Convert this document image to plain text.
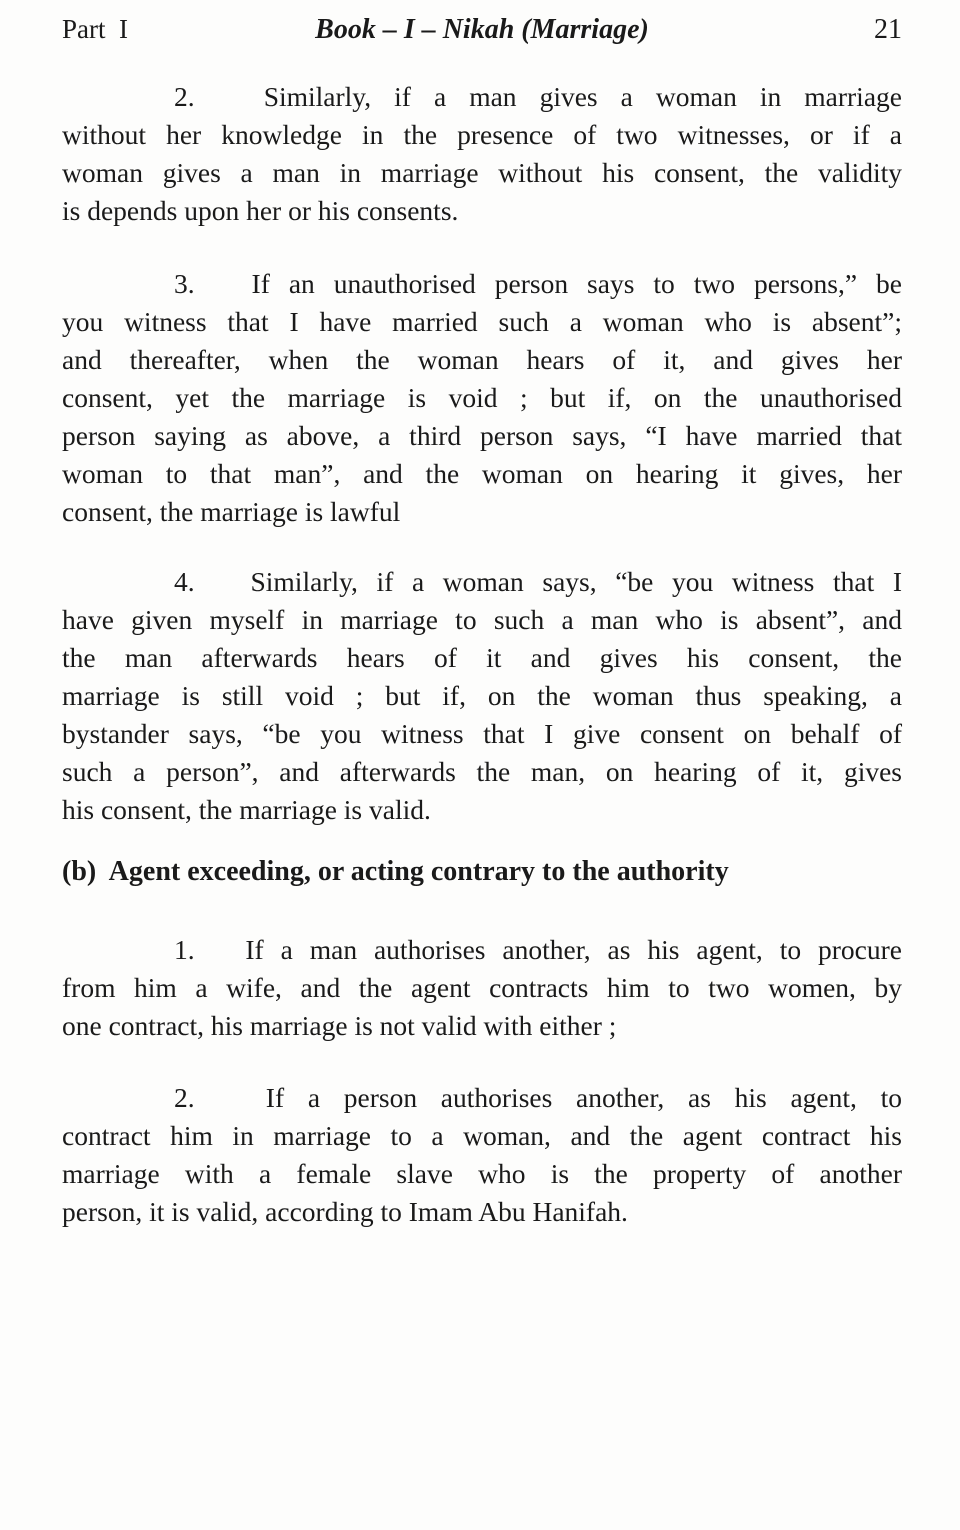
Part  I	Book – I – Nikah (Marriage)	21
2.   Similarly, if a man gives a woman in marriage
without her knowledge in the presence of two witnesses, or if a
woman gives a man in marriage without his consent, the validity
is depends upon her or his consents.
3.   If an unauthorised person says to two persons,” be
you witness that I have married such a woman who is absent”;
and thereafter, when the woman hears of it, and gives her
consent, yet the marriage is void ; but if, on the unauthorised
person saying as above, a third person says, “I have married that
woman to that man”, and the woman on hearing it gives, her
consent, the marriage is lawful
4.   Similarly, if a woman says, “be you witness that I
have given myself in marriage to such a man who is absent”, and
the man afterwards hears of it and gives his consent, the
marriage is still void ; but if, on the woman thus speaking, a
bystander says, “be you witness that I give consent on behalf of
such a person”, and afterwards the man, on hearing of it, gives
his consent, the marriage is valid.
(b)  Agent exceeding, or acting contrary to the authority
1.   If a man authorises another, as his agent, to procure
from him a wife, and the agent contracts him to two women, by
one contract, his marriage is not valid with either ;
2.   If a person authorises another, as his agent, to
contract him in marriage to a woman, and the agent contract his
marriage with a female slave who is the property of another
person, it is valid, according to Imam Abu Hanifah.
